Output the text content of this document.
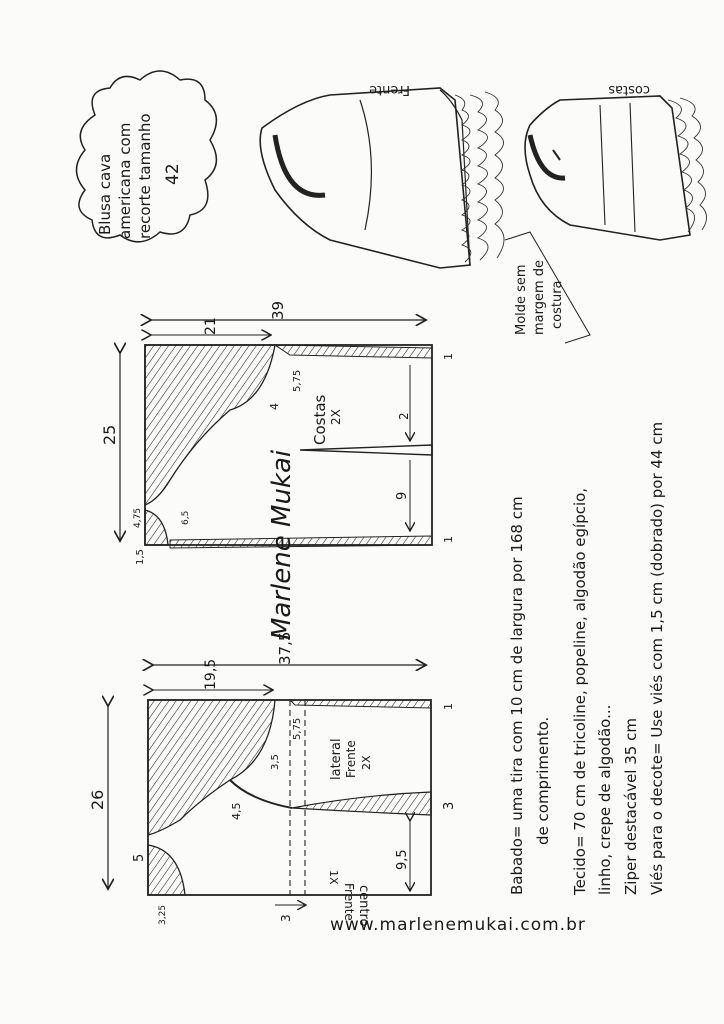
Frente	costas
Blusa cava americana com recorte tamanho 42
Molde sem margem de costura
39
21
25
5,75
4
9
2
1
1
4,75	6,5
1,5
Costas 2X
Marlene Mukai
37,5
19,5
26
5,75
3,5
4,5	3
9,5
1
5
3,25	3
lateral Frente 2X
centro
Frente
1X	Babado= uma tira com 10 cm de largura por 168 cm de comprimento. Tecido= 70 cm de tricoline, popeline, algodão egípcio, linho, crepe de algodão... Ziper destacável 35 cm Viés para o decote= Use viés com 1,5 cm (dobrado) por 44 cm
www.marlenemukai.com.br
